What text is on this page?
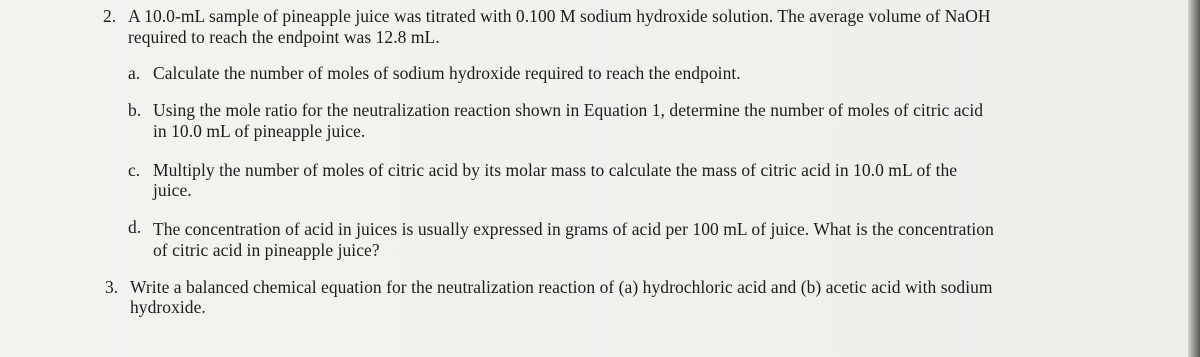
2. A 10.0-mL sample of pineapple juice was titrated with 0.100 M sodium hydroxide solution. The average volume of NaOH
required to reach the endpoint was 12.8 mL.
a. Calculate the number of moles of sodium hydroxide required to reach the endpoint.
b. Using the mole ratio for the neutralization reaction shown in Equation 1, determine the number of moles of citric acid
in 10.0 mL of pineapple juice.
c. Multiply the number of moles of citric acid by its molar mass to calculate the mass of citric acid in 10.0 mL of the
juice.
d. The concentration of acid in juices is usually expressed in grams of acid per 100 mL of juice. What is the concentration
of citric acid in pineapple juice?
3. Write a balanced chemical equation for the neutralization reaction of (a) hydrochloric acid and (b) acetic acid with sodium
hydroxide.
